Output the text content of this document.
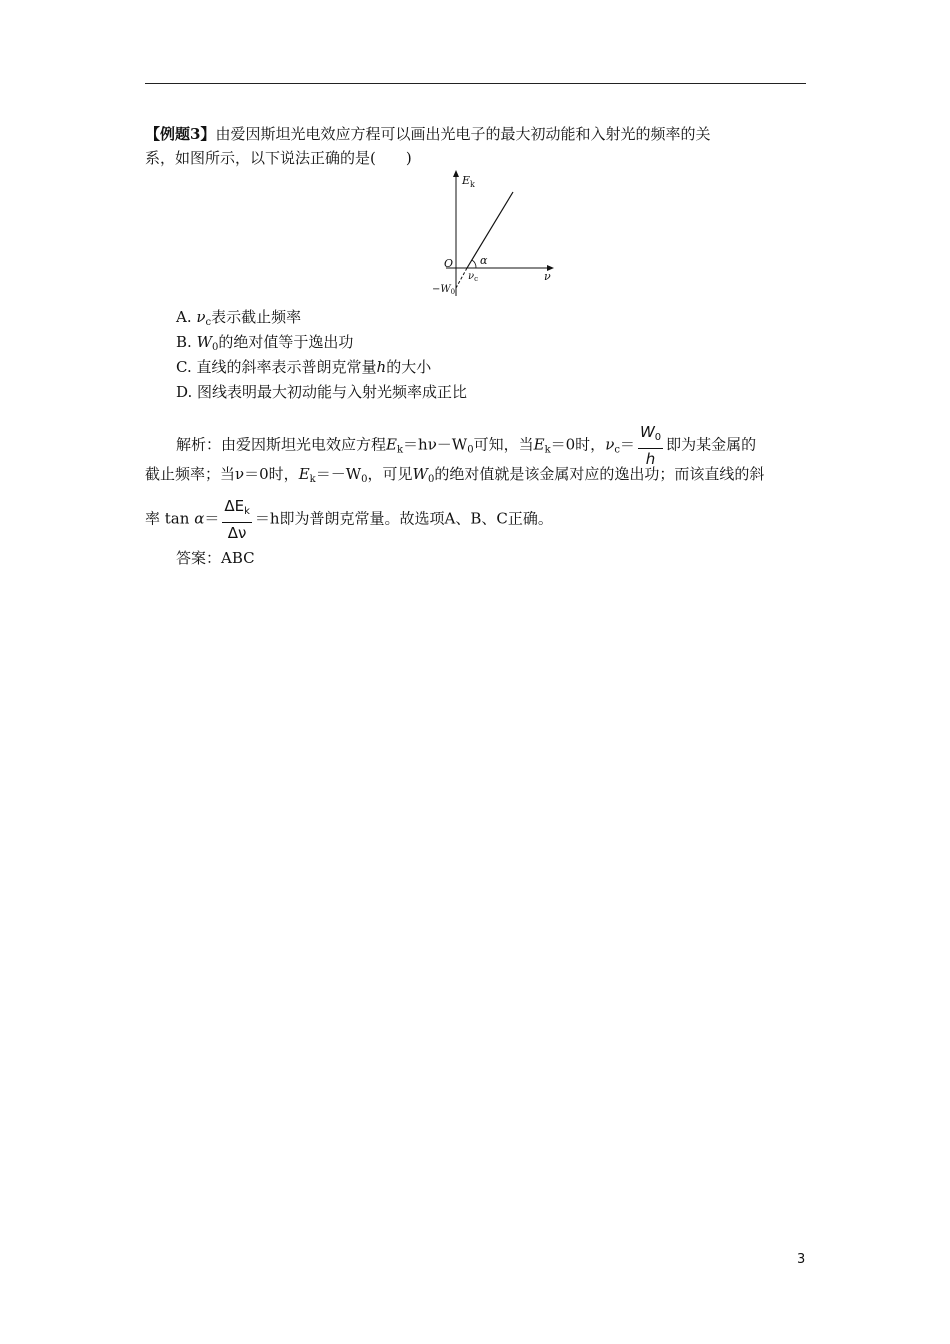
【例题3】由爱因斯坦光电效应方程可以画出光电子的最大初动能和入射光的频率的关
系，如图所示，以下说法正确的是(　　)
$E_k$
ν
O α
$\nu_c$
$-W_0$
A. $\nu_c$表示截止频率
B. $W_0$的绝对值等于逸出功
C. 直线的斜率表示普朗克常量h的大小
D. 图线表明最大初动能与入射光频率成正比
解析：由爱因斯坦光电效应方程$E_k=h\nu-W_0$可知，当$E_k=0$时，$\nu_c= \frac{W_0}{h}$ 即为某金属的
截止频率；当ν＝0时，$E_k=-W_0$，可见$W_0$的绝对值就是该金属对应的逸出功；而该直线的斜
率 $\tan \alpha= \frac{\Delta E_k}{\Delta\nu} =h$即为普朗克常量。故选项A、B、C正确。
答案：ABC
3
